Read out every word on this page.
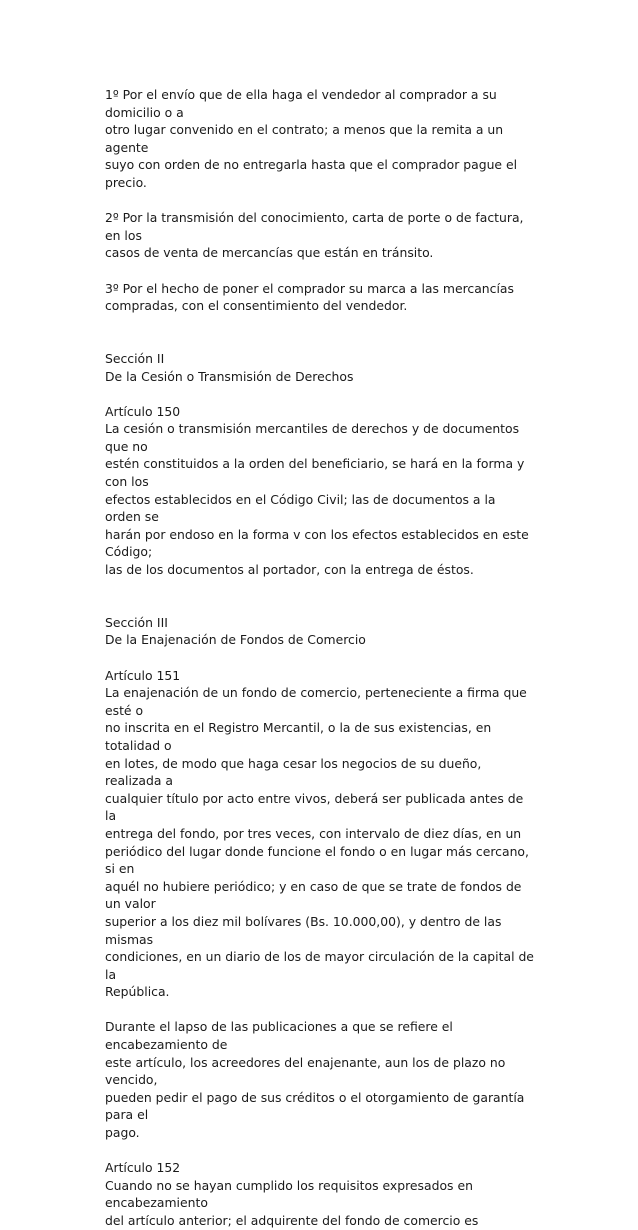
1º Por el envío que de ella haga el vendedor al comprador a su domicilio o a
otro lugar convenido en el contrato; a menos que la remita a un agente
suyo con orden de no entregarla hasta que el comprador pague el precio.

2º Por la transmisión del conocimiento, carta de porte o de factura, en los
casos de venta de mercancías que están en tránsito.

3º Por el hecho de poner el comprador su marca a las mercancías
compradas, con el consentimiento del vendedor.

Sección II
De la Cesión o Transmisión de Derechos

Artículo 150
La cesión o transmisión mercantiles de derechos y de documentos que no
estén constituidos a la orden del beneficiario, se hará en la forma y con los
efectos establecidos en el Código Civil; las de documentos a la orden se
harán por endoso en la forma v con los efectos establecidos en este Código;
las de los documentos al portador, con la entrega de éstos.

Sección III
De la Enajenación de Fondos de Comercio

Artículo 151
La enajenación de un fondo de comercio, perteneciente a firma que esté o
no inscrita en el Registro Mercantil, o la de sus existencias, en totalidad o
en lotes, de modo que haga cesar los negocios de su dueño, realizada a
cualquier título por acto entre vivos, deberá ser publicada antes de la
entrega del fondo, por tres veces, con intervalo de diez días, en un
periódico del lugar donde funcione el fondo o en lugar más cercano, si en
aquél no hubiere periódico; y en caso de que se trate de fondos de un valor
superior a los diez mil bolívares (Bs. 10.000,00), y dentro de las mismas
condiciones, en un diario de los de mayor circulación de la capital de la
República.

Durante el lapso de las publicaciones a que se refiere el encabezamiento de
este artículo, los acreedores del enajenante, aun los de plazo no vencido,
pueden pedir el pago de sus créditos o el otorgamiento de garantía para el
pago.

Artículo 152
Cuando no se hayan cumplido los requisitos expresados en encabezamiento
del artículo anterior; el adquirente del fondo de comercio es
